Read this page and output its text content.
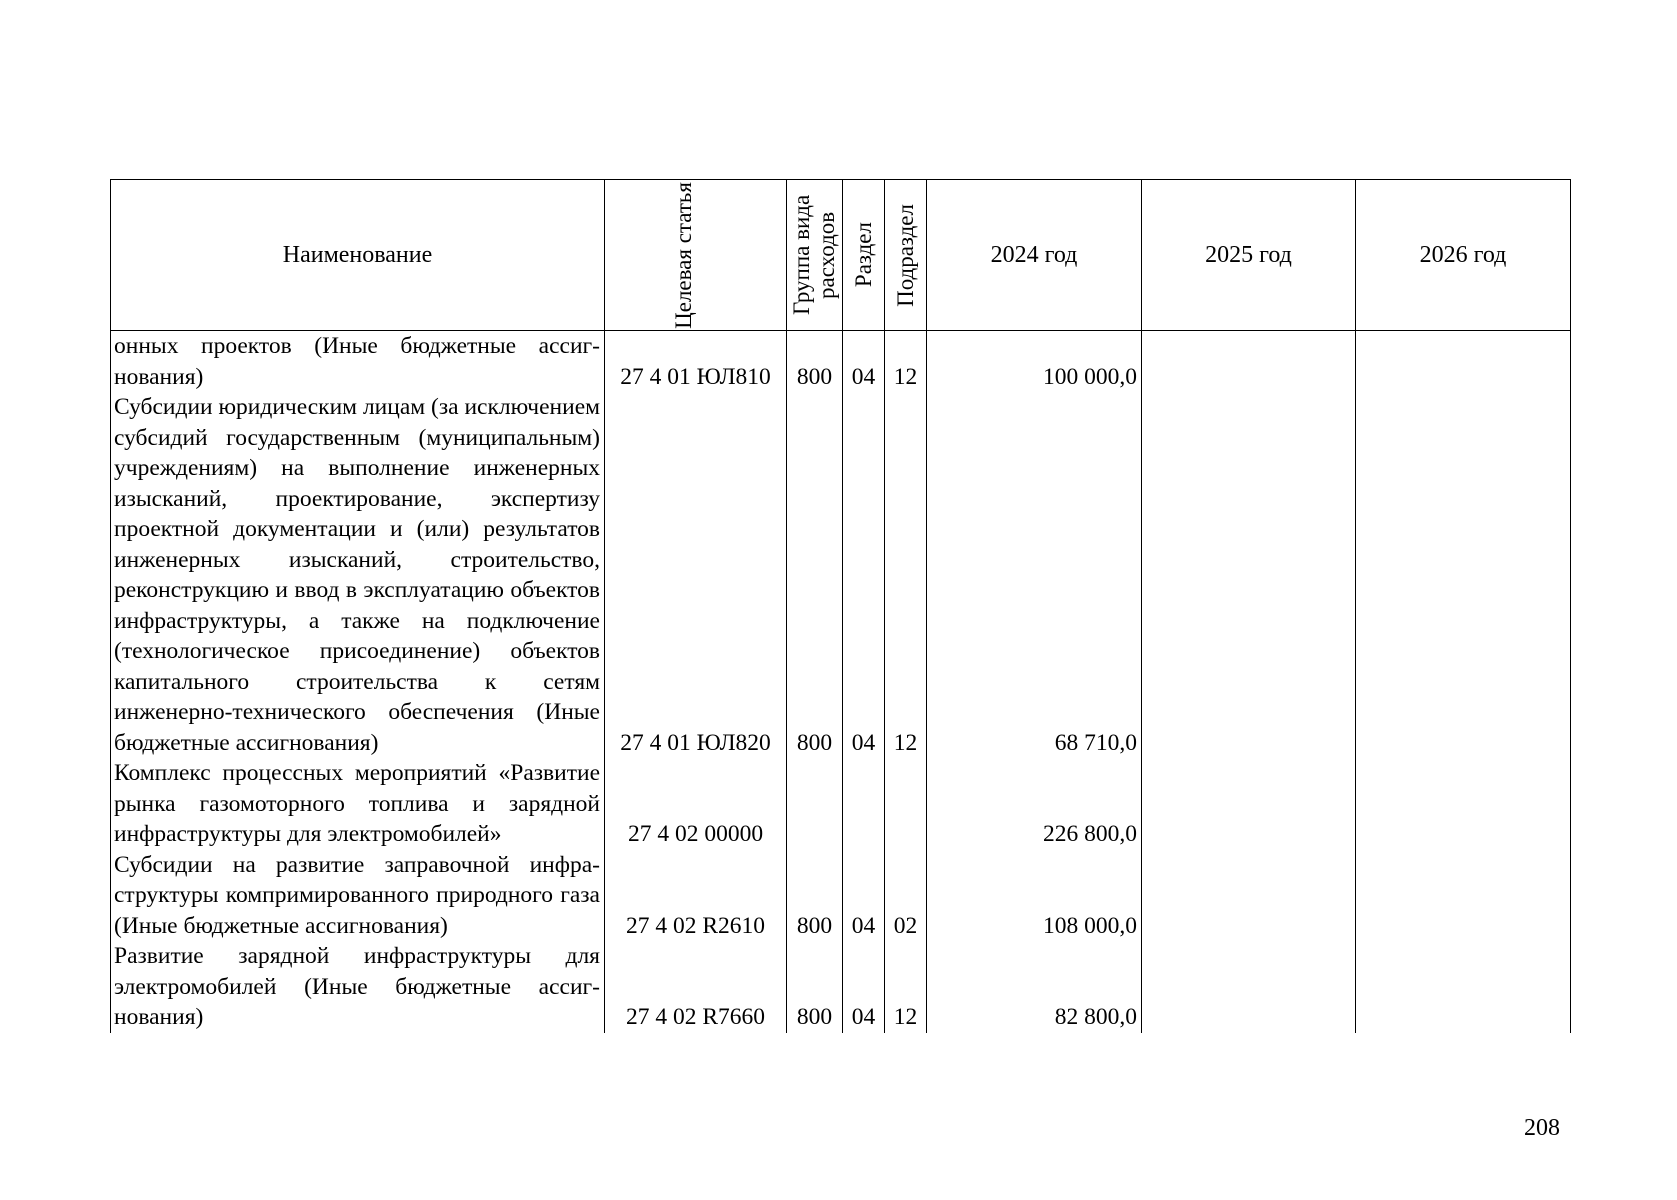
Наименование	Целевая статья	Группа вида расходов	Раздел	Подраздел	2024 год	2025 год	2026 год
онных проектов (Иные бюджетные ассигнования)	27 4 01 ЮЛ810	800	04	12	100 000,0		
Субсидии юридическим лицам (за исключением субсидий государственным (муниципальным) учреждениям) на выполнение инженерных изысканий, проектирование, экспертизу проектной документации и (или) результатов инженерных изысканий, строительство, реконструкцию и ввод в эксплуатацию объектов инфраструктуры, а также на подключение (технологическое присоединение) объектов капитального строительства к сетям инженерно-технического обеспечения (Иные бюджетные ассигнования)	27 4 01 ЮЛ820	800	04	12	68 710,0		
Комплекс процессных мероприятий «Развитие рынка газомоторного топлива и зарядной инфраструктуры для электромобилей»	27 4 02 00000				226 800,0		
Субсидии на развитие заправочной инфраструктуры компримированного природного газа (Иные бюджетные ассигнования)	27 4 02 R2610	800	04	02	108 000,0		
Развитие зарядной инфраструктуры для электромобилей (Иные бюджетные ассигнования)	27 4 02 R7660	800	04	12	82 800,0		
208
